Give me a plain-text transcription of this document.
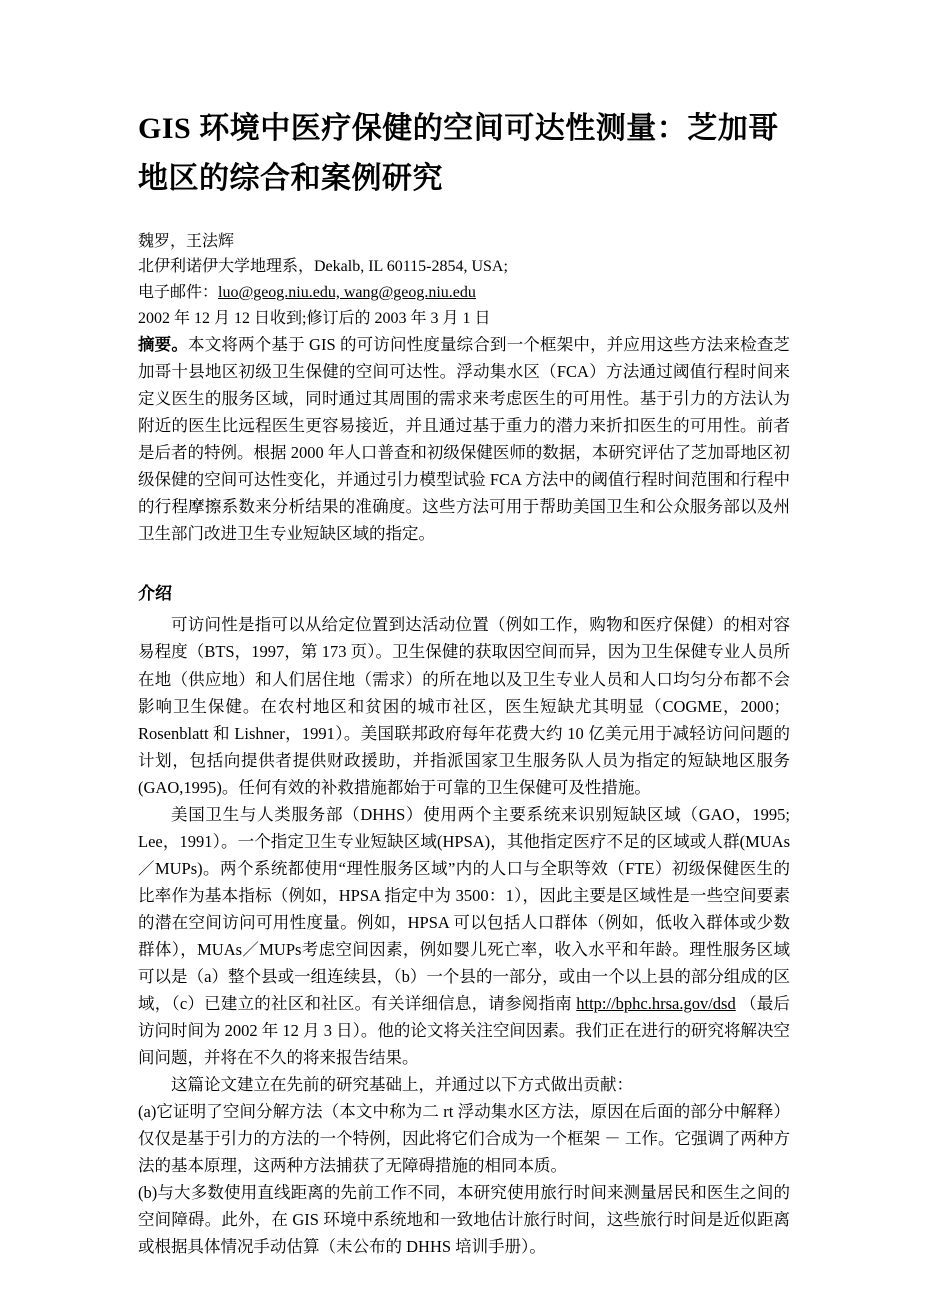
GIS 环境中医疗保健的空间可达性测量：芝加哥地区的综合和案例研究

魏罗，王法辉

北伊利诺伊大学地理系，Dekalb, IL 60115-2854, USA;

电子邮件：luo@geog.niu.edu, wang@geog.niu.edu

2002 年 12 月 12 日收到;修订后的 2003 年 3 月 1 日

摘要。本文将两个基于 GIS 的可访问性度量综合到一个框架中，并应用这些方法来检查芝加哥十县地区初级卫生保健的空间可达性。浮动集水区（FCA）方法通过阈值行程时间来定义医生的服务区域，同时通过其周围的需求来考虑医生的可用性。基于引力的方法认为附近的医生比远程医生更容易接近，并且通过基于重力的潜力来折扣医生的可用性。前者是后者的特例。根据 2000 年人口普查和初级保健医师的数据，本研究评估了芝加哥地区初级保健的空间可达性变化，并通过引力模型试验 FCA 方法中的阈值行程时间范围和行程中的行程摩擦系数来分析结果的准确度。这些方法可用于帮助美国卫生和公众服务部以及州卫生部门改进卫生专业短缺区域的指定。

介绍

可访问性是指可以从给定位置到达活动位置（例如工作，购物和医疗保健）的相对容易程度（BTS，1997，第 173 页）。卫生保健的获取因空间而异，因为卫生保健专业人员所在地（供应地）和人们居住地（需求）的所在地以及卫生专业人员和人口均匀分布都不会影响卫生保健。在农村地区和贫困的城市社区，医生短缺尤其明显（COGME，2000；Rosenblatt 和 Lishner，1991）。美国联邦政府每年花费大约 10 亿美元用于减轻访问问题的计划，包括向提供者提供财政援助，并指派国家卫生服务队人员为指定的短缺地区服务(GAO,1995)。任何有效的补救措施都始于可靠的卫生保健可及性措施。

美国卫生与人类服务部（DHHS）使用两个主要系统来识别短缺区域（GAO，1995; Lee，1991）。一个指定卫生专业短缺区域(HPSA)，其他指定医疗不足的区域或人群(MUAs／MUPs)。两个系统都使用“理性服务区域”内的人口与全职等效（FTE）初级保健医生的比率作为基本指标（例如，HPSA 指定中为 3500：1），因此主要是区域性是一些空间要素的潜在空间访问可用性度量。例如，HPSA 可以包括人口群体（例如，低收入群体或少数群体），MUAs／MUPs考虑空间因素，例如婴儿死亡率，收入水平和年龄。理性服务区域可以是（a）整个县或一组连续县，（b）一个县的一部分，或由一个以上县的部分组成的区域，（c）已建立的社区和社区。有关详细信息，请参阅指南 http://bphc.hrsa.gov/dsd （最后访问时间为 2002 年 12 月 3 日）。他的论文将关注空间因素。我们正在进行的研究将解决空间问题，并将在不久的将来报告结果。

这篇论文建立在先前的研究基础上，并通过以下方式做出贡献：

(a)它证明了空间分解方法（本文中称为二 rt 浮动集水区方法，原因在后面的部分中解释）仅仅是基于引力的方法的一个特例，因此将它们合成为一个框架 － 工作。它强调了两种方法的基本原理，这两种方法捕获了无障碍措施的相同本质。

(b)与大多数使用直线距离的先前工作不同，本研究使用旅行时间来测量居民和医生之间的空间障碍。此外，在 GIS 环境中系统地和一致地估计旅行时间，这些旅行时间是近似距离或根据具体情况手动估算（未公布的 DHHS 培训手册）。
